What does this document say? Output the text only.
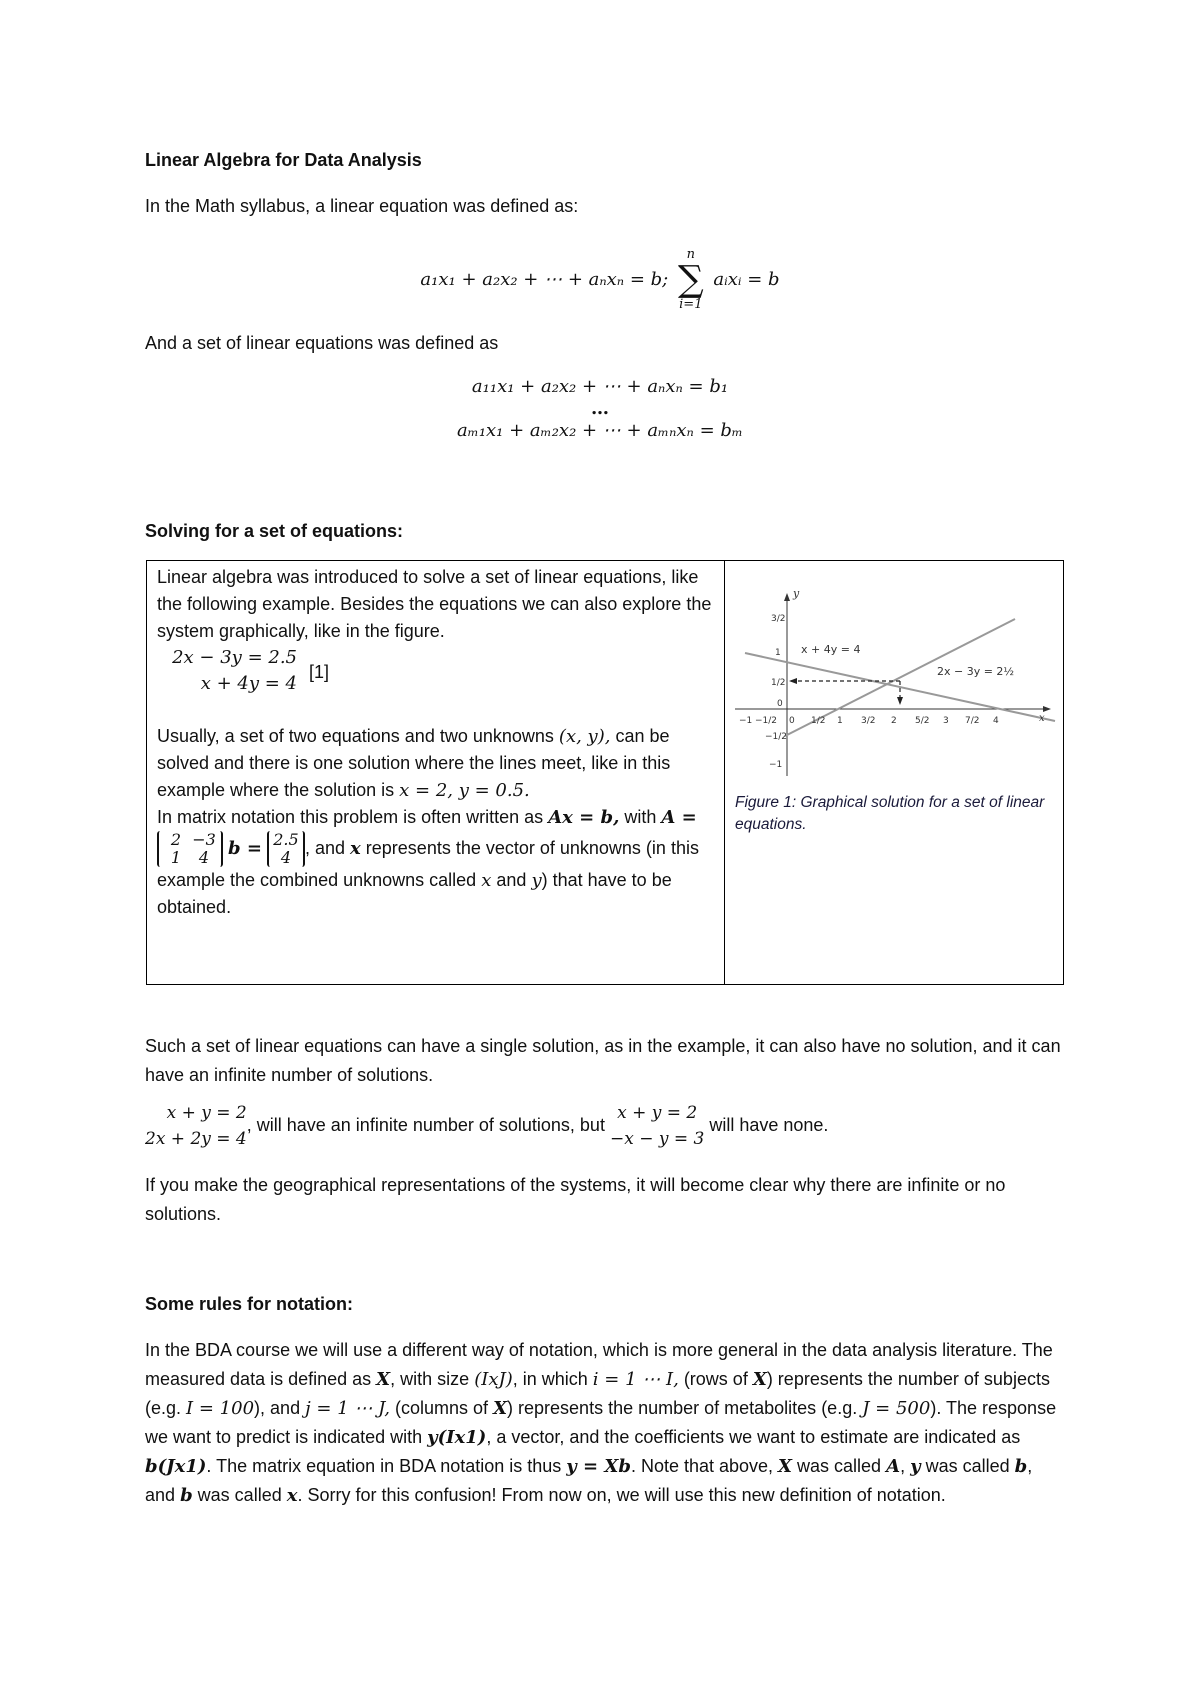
Linear Algebra for Data Analysis
In the Math syllabus, a linear equation was defined as:
a₁x₁ + a₂x₂ + ⋯ + aₙxₙ = b;
n
∑
i=1
aᵢxᵢ = b
And a set of linear equations was defined as
a₁₁x₁ + a₂x₂ + ⋯ + aₙxₙ = b₁
…
aₘ₁x₁ + aₘ₂x₂ + ⋯ + aₘₙxₙ = bₘ
Solving for a set of equations:
Linear algebra was introduced to solve a set of linear equations, like the following example. Besides the equations we can also explore the system graphically, like in the figure.
2x − 3y = 2.5
x + 4y = 4
[1]
Usually, a set of two equations and two unknowns (x, y), can be solved and there is one solution where the lines meet, like in this example where the solution is x = 2, y = 0.5.
In matrix notation this problem is often written as Ax = b, with A = 2 −3
1 4 b = 2.5
4 , and x represents the vector of unknowns (in this example the combined unknowns called x and y) that have to be obtained.

y
x
x + 4y = 4
2x − 3y = 2½
3/2
1
1/2
0
−1/2
−1
−1 −1/2 0 1/2 1 3/2 2 5/2 3 7/2 4
Figure 1: Graphical solution for a set of linear equations.
Such a set of linear equations can have a single solution, as in the example, it can also have no solution, and it can have an infinite number of solutions.
x + y = 2
2x + 2y = 4
, will have an infinite number of solutions, but
x + y = 2
−x − y = 3
will have none.
If you make the geographical representations of the systems, it will become clear why there are infinite or no solutions.
Some rules for notation:
In the BDA course we will use a different way of notation, which is more general in the data analysis literature. The measured data is defined as X, with size (IxJ), in which i = 1 ⋯ I, (rows of X) represents the number of subjects (e.g. I = 100), and j = 1 ⋯ J, (columns of X) represents the number of metabolites (e.g. J = 500). The response we want to predict is indicated with y(Ix1), a vector, and the coefficients we want to estimate are indicated as b(Jx1). The matrix equation in BDA notation is thus y = Xb. Note that above, X was called A, y was called b, and b was called x. Sorry for this confusion! From now on, we will use this new definition of notation.
